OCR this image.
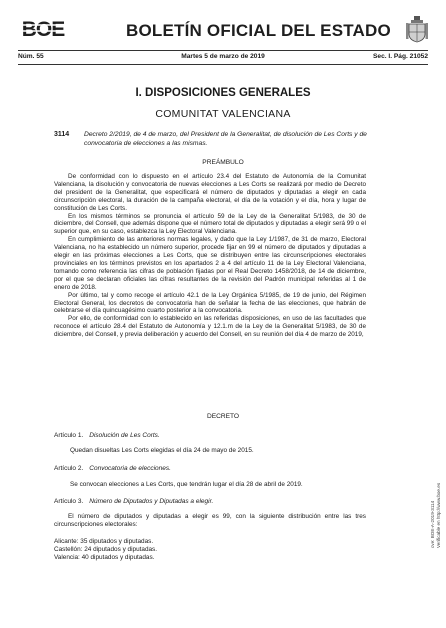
BOE	BOLETÍN OFICIAL DEL ESTADO
Núm. 55	Martes 5 de marzo de 2019	Sec. I. Pág. 21052
I. DISPOSICIONES GENERALES
COMUNITAT VALENCIANA
3114 Decreto 2/2019, de 4 de marzo, del President de la Generalitat, de disolución de Les Corts y de convocatoria de elecciones a las mismas.
PREÁMBULO

De conformidad con lo dispuesto en el artículo 23.4 del Estatuto de Autonomía de la Comunitat Valenciana, la disolución y convocatoria de nuevas elecciones a Les Corts se realizará por medio de Decreto del president de la Generalitat, que especificará el número de diputados y diputadas a elegir en cada circunscripción electoral, la duración de la campaña electoral, el día de la votación y el día, hora y lugar de constitución de Les Corts.

En los mismos términos se pronuncia el artículo 59 de la Ley de la Generalitat 5/1983, de 30 de diciembre, del Consell, que además dispone que el número total de diputados y diputadas a elegir será 99 o el superior que, en su caso, establezca la Ley Electoral Valenciana.

En cumplimiento de las anteriores normas legales, y dado que la Ley 1/1987, de 31 de marzo, Electoral Valenciana, no ha establecido un número superior, procede fijar en 99 el número de diputados y diputadas a elegir en las próximas elecciones a Les Corts, que se distribuyen entre las circunscripciones electorales provinciales en los términos previstos en los apartados 2 a 4 del artículo 11 de la Ley Electoral Valenciana, tomando como referencia las cifras de población fijadas por el Real Decreto 1458/2018, de 14 de diciembre, por el que se declaran oficiales las cifras resultantes de la revisión del Padrón municipal referidas al 1 de enero de 2018.

Por último, tal y como recoge el artículo 42.1 de la Ley Orgánica 5/1985, de 19 de junio, del Régimen Electoral General, los decretos de convocatoria han de señalar la fecha de las elecciones, que habrán de celebrarse el día quincuagésimo cuarto posterior a la convocatoria.

Por ello, de conformidad con lo establecido en las referidas disposiciones, en uso de las facultades que reconoce el artículo 28.4 del Estatuto de Autonomía y 12.1.m de la Ley de la Generalitat 5/1983, de 30 de diciembre, del Consell, y previa deliberación y acuerdo del Consell, en su reunión del día 4 de marzo de 2019,

DECRETO
Artículo 1. Disolución de Les Corts.
Quedan disueltas Les Corts elegidas el día 24 de mayo de 2015.
Artículo 2. Convocatoria de elecciones.
Se convocan elecciones a Les Corts, que tendrán lugar el día 28 de abril de 2019.
Artículo 3. Número de Diputados y Diputadas a elegir.

El número de diputados y diputadas a elegir es 99, con la siguiente distribución entre las tres circunscripciones electorales:

Alicante: 35 diputados y diputadas.
Castellón: 24 diputados y diputadas.
Valencia: 40 diputados y diputadas.
cve: BOE-A-2019-3114 Verificable en http://www.boe.es
